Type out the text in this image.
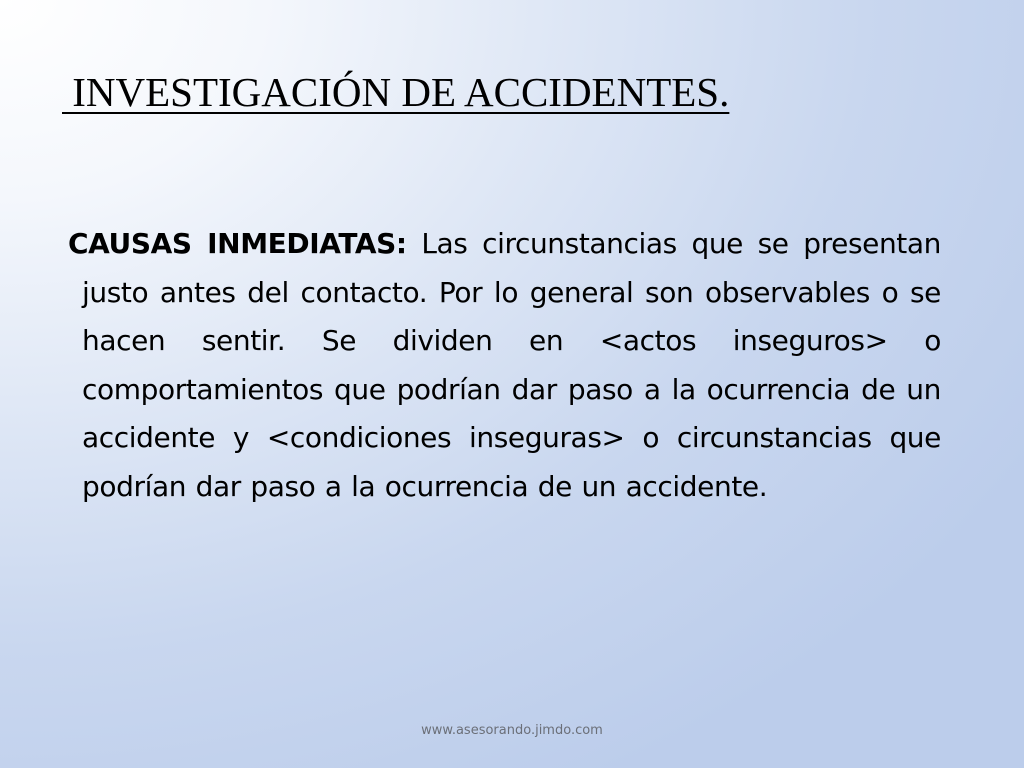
INVESTIGACIÓN DE ACCIDENTES.

CAUSAS INMEDIATAS: Las circunstancias que se presentan justo antes del contacto. Por lo general son observables o se hacen sentir. Se dividen en <actos inseguros> o comportamientos que podrían dar paso a la ocurrencia de un accidente y <condiciones inseguras> o circunstancias que podrían dar paso a la ocurrencia de un accidente.

www.asesorando.jimdo.com
